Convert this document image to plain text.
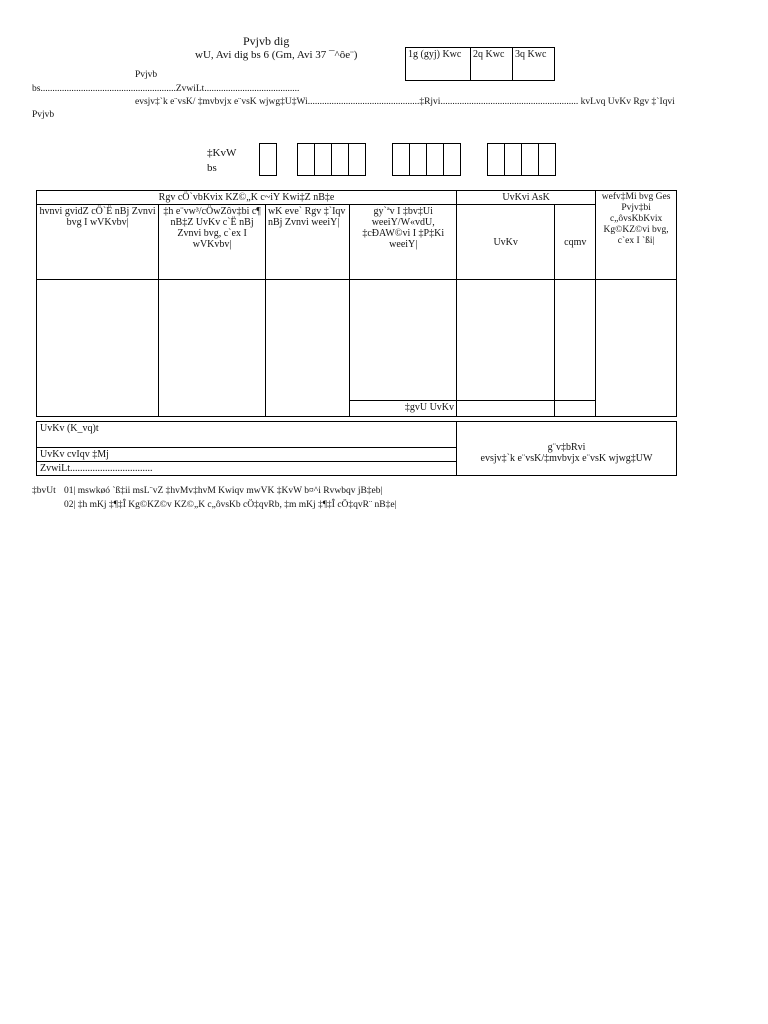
Pvjvb dig
wU, Avi dig bs 6 (Gm, Avi 37 ¯^ôe¨)	1g (gyj) Kwc	2q Kwc	3q Kwc
Pvjvb
bs.........................................................ZvwiLt........................................
evsjv‡`k e¨vsK/ ‡mvbvjx e¨vsK wjwg‡U‡Wi...............................................‡Rjvi.......................................................... kvLvq UvKv Rgv ‡`Iqvi
Pvjvb
‡KvW bs
Rgv cÖ`vbKvix KZ©„K c~iY Kwi‡Z nB‡e				UvKvi AsK		wefv‡Mi bvg Ges Pvjv‡bi c„ôvsKbKvix Kg©KZ©vi bvg, c`ex I `ßi|
hvnvi gvidZ cÖ`Ë nBj Zvnvi bvg I wVKvbv|	‡h e¨vw³/cÖwZôv‡bi c¶ nB‡Z UvKv c`Ë nBj Zvnvi bvg, c`ex I wVKvbv|	wK eve` Rgv ‡`Iqv nBj Zvnvi weeiY|	gy`ªv I ‡bv‡Ui weeiY/W«vdU, ‡cÐAW©vi I ‡P‡Ki weeiY|	UvKv	cqmv	

			‡gvU UvKv			
UvKv (K_vq)t	
g¨v‡bRvi
evsjv‡`k e¨vsK/‡mvbvjx e¨vsK wjwg‡UW

UvKv cvIqv ‡Mj
ZvwiLt.................................
‡bvUt 01| mswkøó `ß‡ii msL¨vZ ‡hvMv‡hvM Kwiqv mwVK ‡KvW b¤^i Rvwbqv jB‡eb|
02| ‡h mKj ‡¶‡Î Kg©KZ©v KZ©„K c„ôvsKb cÖ‡qvRb, ‡m mKj ‡¶‡Î cÖ‡qvR¨ nB‡e|
